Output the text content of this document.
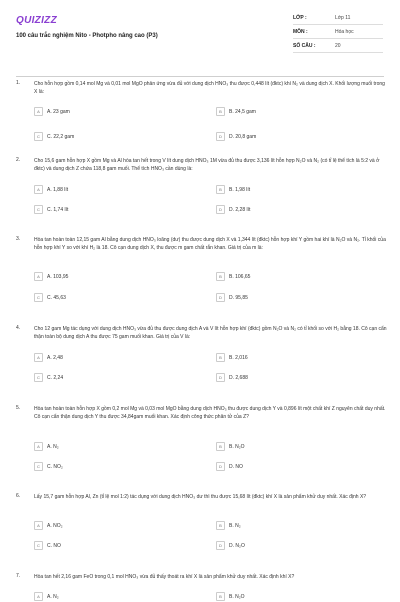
QUIZIZZ
100 câu trắc nghiệm Nito - Photpho nâng cao (P3)
LỚP :	Lớp 11
MÔN :	Hóa học
SỐ CÂU :	20
1.	Cho hỗn hợp gồm 0,14 mol Mg và 0,01 mol MgO phản ứng vừa đủ với dung dịch HNO₃ thu được 0,448 lít (đktc) khí N₂ và dung dịch X. Khối lượng muối trong X là:
A	A. 23 gam	B	B. 24,5 gam
C	C. 22,2 gam	D	D. 20,8 gam
2.	Cho 15,6 gam hỗn hợp X gồm Mg và Al hòa tan hết trong V lít dung dịch HNO₃ 1M vừa đủ thu được 3,136 lít hỗn hợp N₂O và N₂ (có tỉ lệ thể tích là 5:2 và ở đktc) và dung dịch Z chứa 118,8 gam muối. Thể tích HNO₃ cần dùng là:
A	A. 1,88 lít	B	B. 1,98 lít
C	C. 1,74 lít	D	D. 2,28 lít
3.	Hòa tan hoàn toàn 12,15 gam Al bằng dung dịch HNO₃ loãng (dư) thu được dung dịch X và 1,344 lít (đktc) hỗn hợp khí Y gồm hai khí là N₂O và N₂. Tỉ khối của hỗn hợp khí Y so với khí H₂ là 18. Cô cạn dung dịch X, thu được m gam chất rắn khan. Giá trị của m là:
A	A. 103,95	B	B. 106,65
C	C. 45,63	D	D. 95,85
4.	Cho 12 gam Mg tác dụng với dung dịch HNO₃ vừa đủ thu được dung dịch A và V lít hỗn hợp khí (đktc) gồm N₂O và N₂ có tỉ khối so với H₂ bằng 18. Cô cạn cẩn thận toàn bộ dung dịch A thu được 75 gam muối khan. Giá trị của V là:
A	A. 2,48	B	B. 2,016
C	C. 2,24	D	D. 2,688
5.	Hòa tan hoàn toàn hỗn hợp X gồm 0,2 mol Mg và 0,03 mol MgO bằng dung dịch HNO₃ thu được dung dịch Y và 0,896 lít một chất khí Z nguyên chất duy nhất. Cô cạn cẩn thận dung dịch Y thu được 34,84gam muối khan. Xác định công thức phân tử của Z?
A	A. N₂	B	B. N₂O
C	C. NO₂	D	D. NO
6.	Lấy 15,7 gam hỗn hợp Al, Zn (tỉ lệ mol 1:2) tác dụng với dung dịch HNO₃ dư thì thu được 15,68 lít (đktc) khí X là sản phẩm khử duy nhất. Xác định X?
A	A. NO₂	B	B. N₂
C	C. NO	D	D. N₂O
7.	Hòa tan hết 2,16 gam FeO trong 0,1 mol HNO₃ vừa đủ thấy thoát ra khí X là sản phẩm khử duy nhất. Xác định khí X?
A	A. N₂	B	B. N₂O
